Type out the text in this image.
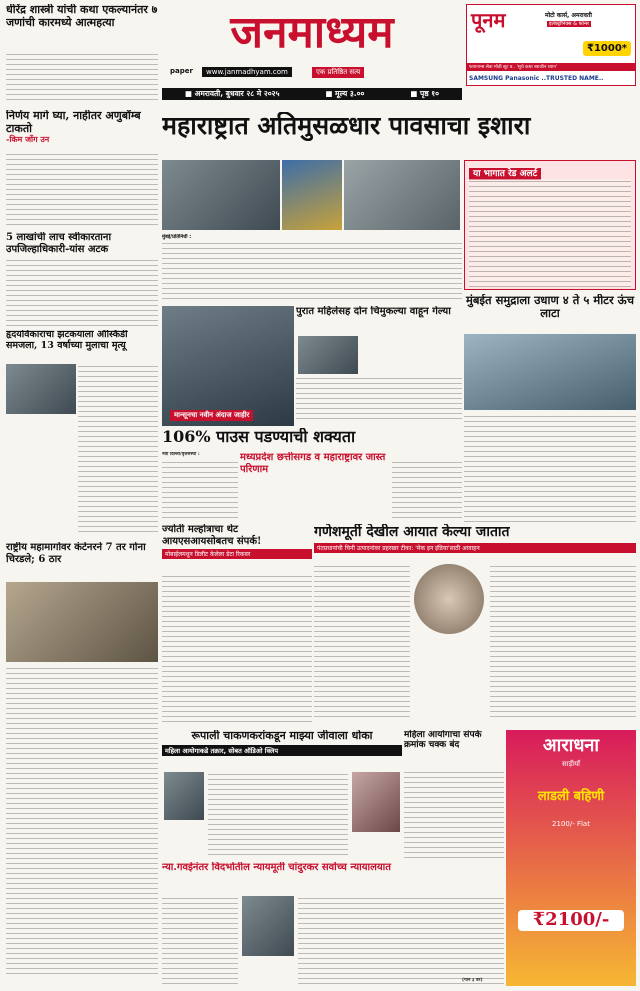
जनमाध्यम
paper	www.janmadhyam.com	एक प्रतिष्ठित सत्य
धीरेंद्र शास्त्री यांची कथा एकल्यानंतर ७ जणांची कारमध्ये आत्महत्या	पूनम	मोटो कार्स, अमरावती
इलेक्ट्रॉनिक्स & फोन्स
₹1000*
फायनान्स सेवा मोठी सूट व.. 'सूचे कथा ब्याजीन ध्यान'
SAMSUNG Panasonic ..TRUSTED NAME..
■ अमरावती, बुधवार २८ मे २०२५	■ मूल्य ३.००	■ पृष्ठ १०
महाराष्ट्रात अतिमुसळधार पावसाचा इशारा
या भागात रेड अलर्ट
मुंबई/प्रतिनिधी :
निर्णय मागे घ्या, नाहीतर अणुबॉम्ब टाकतो
-किम जोंग उन
5 लाखांची लाच स्वीकारताना उपजिल्हाधिकारी-यांस अटक
हृदयविकाराचा झटकयाला ऑस्किडी समजला, 13 वर्षाच्या मुलाचा मृत्यू
राष्ट्रीय महामार्गावर कंटेनरने 7 तर गोना चिरडले; 6 ठार
मान्सूनचा नवीन अंदाज जाहीर
106% पाउस पडण्याची शक्यता
मध्यप्रदेश छत्तीसगड व महाराष्ट्रावर जास्त परिणाम
नवी दिल्ली/वृत्तसंस्था :
पुरात महिलेसह दोन चिमुकल्या वाहून गेल्या
मुंबईत समुद्राला उधाण ४ ते ५ मीटर ऊंच लाटा
ज्योती मल्होत्राचा थेट आयएसआयसोबतच संपर्क!
मोबाईलमधून डिलीट केलेला डेटा रिकवर
गणेशमूर्ती देखील आयात केल्या जातात
पंतप्रधानांची चिनी उत्पादनांवर प्रहरखर टीका: 'मेक इन इंडिया'साठी आवाहन
रूपाली चाकणकरांकडून माझ्या जीवाला धोका
महिला आयोगाकडे तक्रार, सोबत ऑडिओ क्लिप
महिला आयोगाचा संपर्क क्रमांक चक्क बंद
न्या.गवईनंतर विदर्भातील न्यायमूर्ती चांदुरकर सर्वोच्च न्यायालयात
(पान ३ वर)
आराधना
साड़ीयाँ
लाडली बहिणी
2100/- Flat
₹2100/-
